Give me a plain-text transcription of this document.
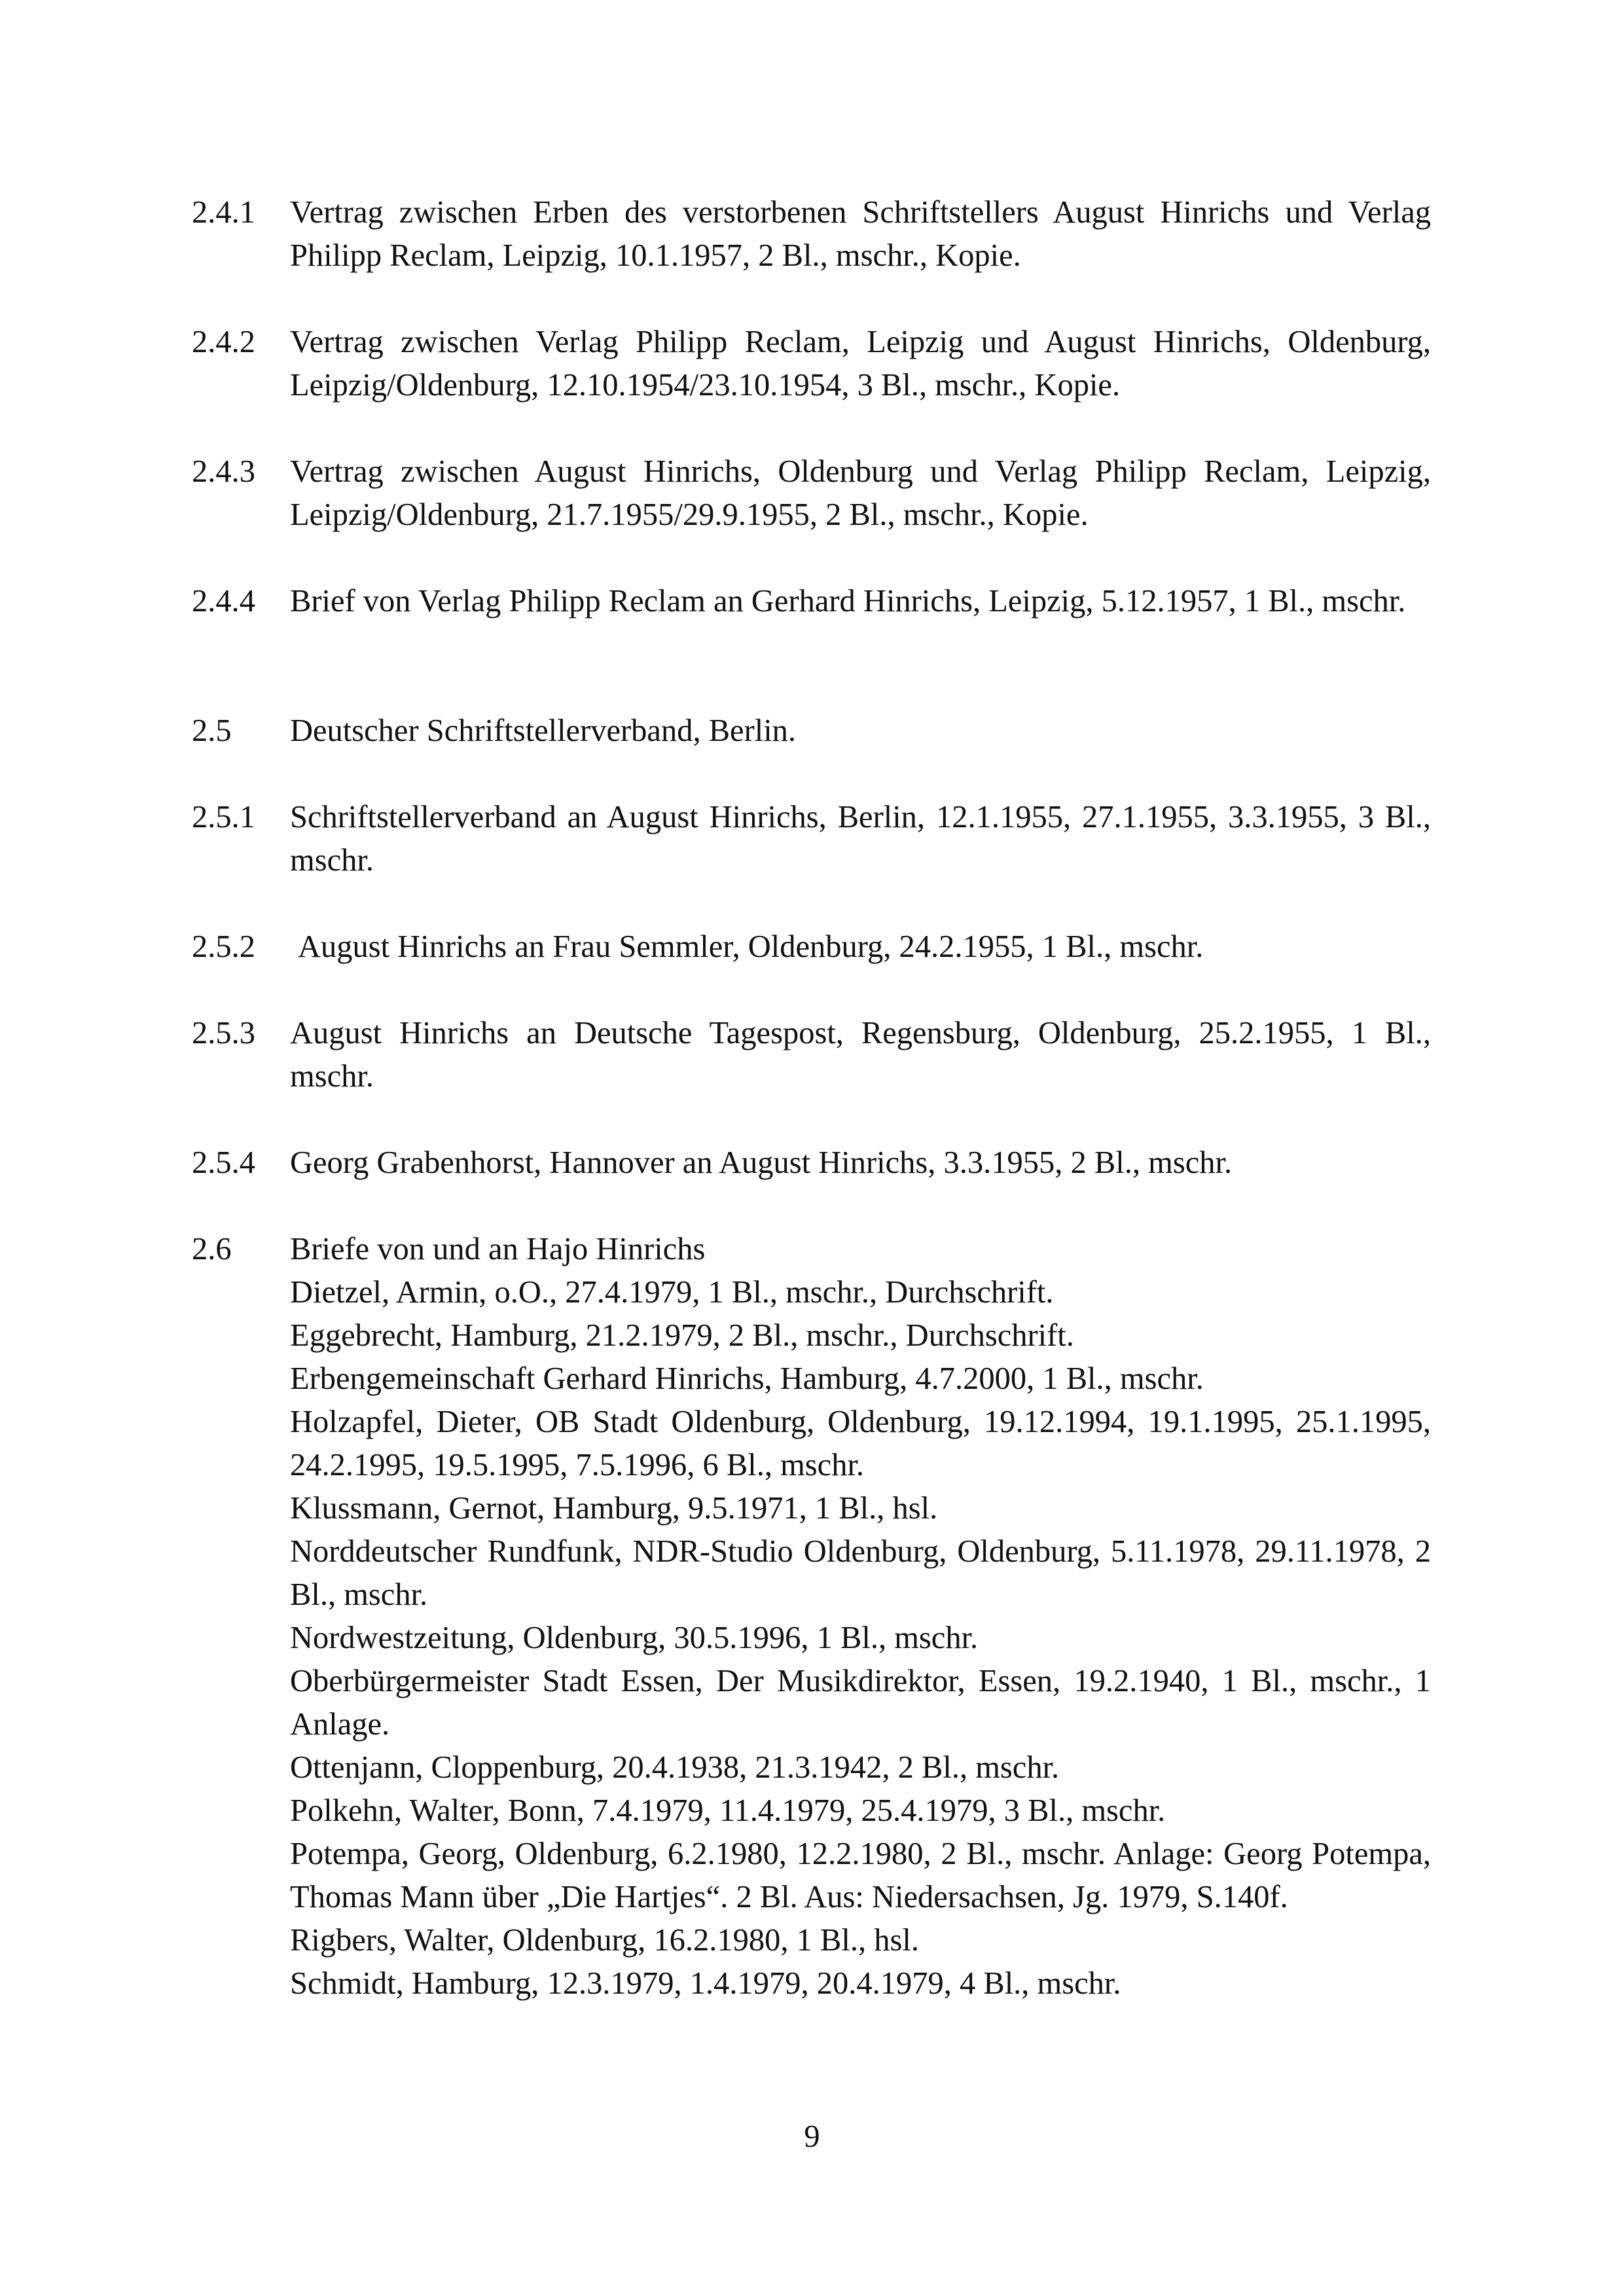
2.4.1	Vertrag zwischen Erben des verstorbenen Schriftstellers August Hinrichs und Verlag Philipp Reclam, Leipzig, 10.1.1957, 2 Bl., mschr., Kopie.

2.4.2	Vertrag zwischen Verlag Philipp Reclam, Leipzig und August Hinrichs, Oldenburg, Leipzig/Oldenburg, 12.10.1954/23.10.1954, 3 Bl., mschr., Kopie.

2.4.3	Vertrag zwischen August Hinrichs, Oldenburg und Verlag Philipp Reclam, Leipzig, Leipzig/Oldenburg, 21.7.1955/29.9.1955, 2 Bl., mschr., Kopie.

2.4.4	Brief von Verlag Philipp Reclam an Gerhard Hinrichs, Leipzig, 5.12.1957, 1 Bl., mschr.

2.5	Deutscher Schriftstellerverband, Berlin.

2.5.1	Schriftstellerverband an August Hinrichs, Berlin, 12.1.1955, 27.1.1955, 3.3.1955, 3 Bl., mschr.

2.5.2	August Hinrichs an Frau Semmler, Oldenburg, 24.2.1955, 1 Bl., mschr.

2.5.3	August Hinrichs an Deutsche Tagespost, Regensburg, Oldenburg, 25.2.1955, 1 Bl., mschr.

2.5.4	Georg Grabenhorst, Hannover an August Hinrichs, 3.3.1955, 2 Bl., mschr.

2.6	Briefe von und an Hajo Hinrichs

Dietzel, Armin, o.O., 27.4.1979, 1 Bl., mschr., Durchschrift.

Eggebrecht, Hamburg, 21.2.1979, 2 Bl., mschr., Durchschrift.

Erbengemeinschaft Gerhard Hinrichs, Hamburg, 4.7.2000, 1 Bl., mschr.

Holzapfel, Dieter, OB Stadt Oldenburg, Oldenburg, 19.12.1994, 19.1.1995, 25.1.1995, 24.2.1995, 19.5.1995, 7.5.1996, 6 Bl., mschr.

Klussmann, Gernot, Hamburg, 9.5.1971, 1 Bl., hsl.

Norddeutscher Rundfunk, NDR-Studio Oldenburg, Oldenburg, 5.11.1978, 29.11.1978, 2 Bl., mschr.

Nordwestzeitung, Oldenburg, 30.5.1996, 1 Bl., mschr.

Oberbürgermeister Stadt Essen, Der Musikdirektor, Essen, 19.2.1940, 1 Bl., mschr., 1 Anlage.

Ottenjann, Cloppenburg, 20.4.1938, 21.3.1942, 2 Bl., mschr.

Polkehn, Walter, Bonn, 7.4.1979, 11.4.1979, 25.4.1979, 3 Bl., mschr.

Potempa, Georg, Oldenburg, 6.2.1980, 12.2.1980, 2 Bl., mschr. Anlage: Georg Potempa, Thomas Mann über „Die Hartjes“. 2 Bl. Aus: Niedersachsen, Jg. 1979, S.140f.

Rigbers, Walter, Oldenburg, 16.2.1980, 1 Bl., hsl.

Schmidt, Hamburg, 12.3.1979, 1.4.1979, 20.4.1979, 4 Bl., mschr.

9
